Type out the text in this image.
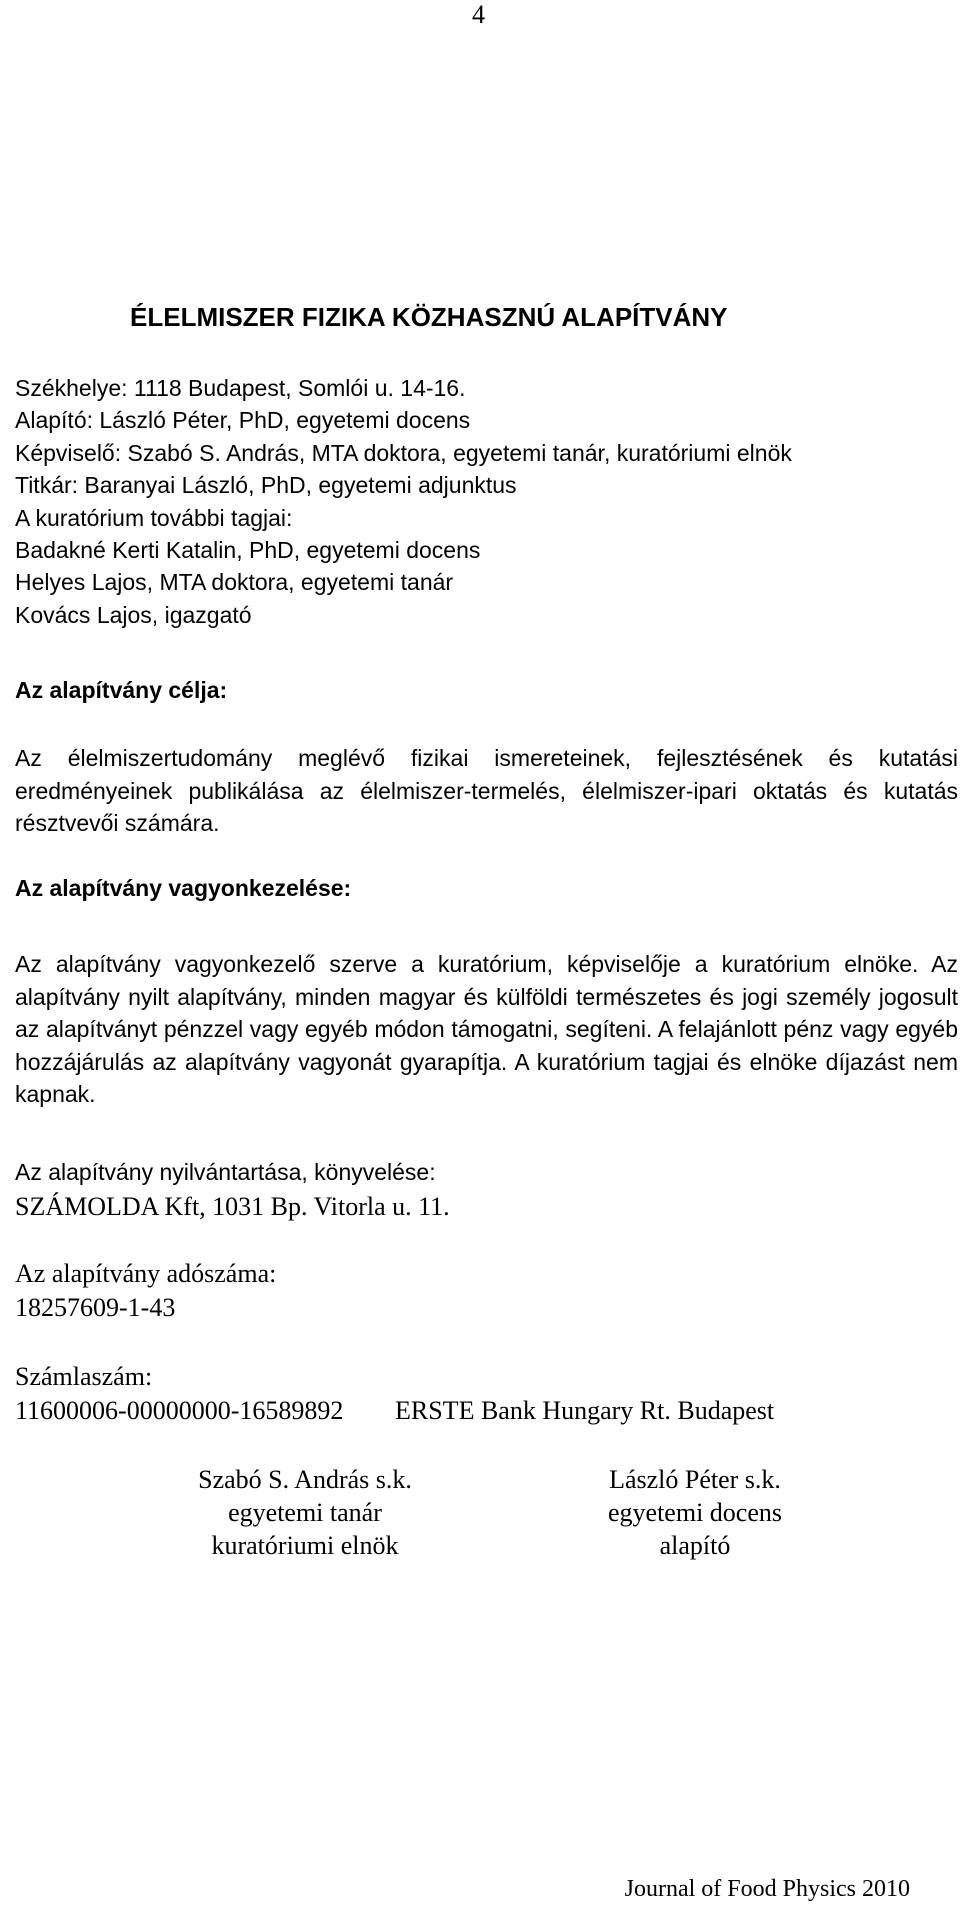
4
ÉLELMISZER FIZIKA KÖZHASZNÚ ALAPÍTVÁNY
Székhelye: 1118 Budapest, Somlói u. 14-16.
Alapító: László Péter, PhD, egyetemi docens
Képviselő: Szabó S. András, MTA doktora, egyetemi tanár, kuratóriumi elnök
Titkár: Baranyai László, PhD, egyetemi adjunktus
A kuratórium további tagjai:
Badakné Kerti Katalin, PhD, egyetemi docens
Helyes Lajos, MTA doktora, egyetemi tanár
Kovács Lajos, igazgató
Az alapítvány célja:
Az élelmiszertudomány meglévő fizikai ismereteinek, fejlesztésének és kutatási eredményeinek publikálása az élelmiszer-termelés, élelmiszer-ipari oktatás és kutatás résztvevői számára.
Az alapítvány vagyonkezelése:
Az alapítvány vagyonkezelő szerve a kuratórium, képviselője a kuratórium elnöke. Az alapítvány nyilt alapítvány, minden magyar és külföldi természetes és jogi személy jogosult az alapítványt pénzzel vagy egyéb módon támogatni, segíteni. A felajánlott pénz vagy egyéb hozzájárulás az alapítvány vagyonát gyarapítja. A kuratórium tagjai és elnöke díjazást nem kapnak.
Az alapítvány nyilvántartása, könyvelése:
SZÁMOLDA Kft, 1031 Bp. Vitorla u. 11.
Az alapítvány adószáma:
18257609-1-43
Számlaszám:
11600006-00000000-16589892 ERSTE Bank Hungary Rt. Budapest
Szabó S. András s.k.
egyetemi tanár
kuratóriumi elnök
László Péter s.k.
egyetemi docens
alapító
Journal of Food Physics 2010
